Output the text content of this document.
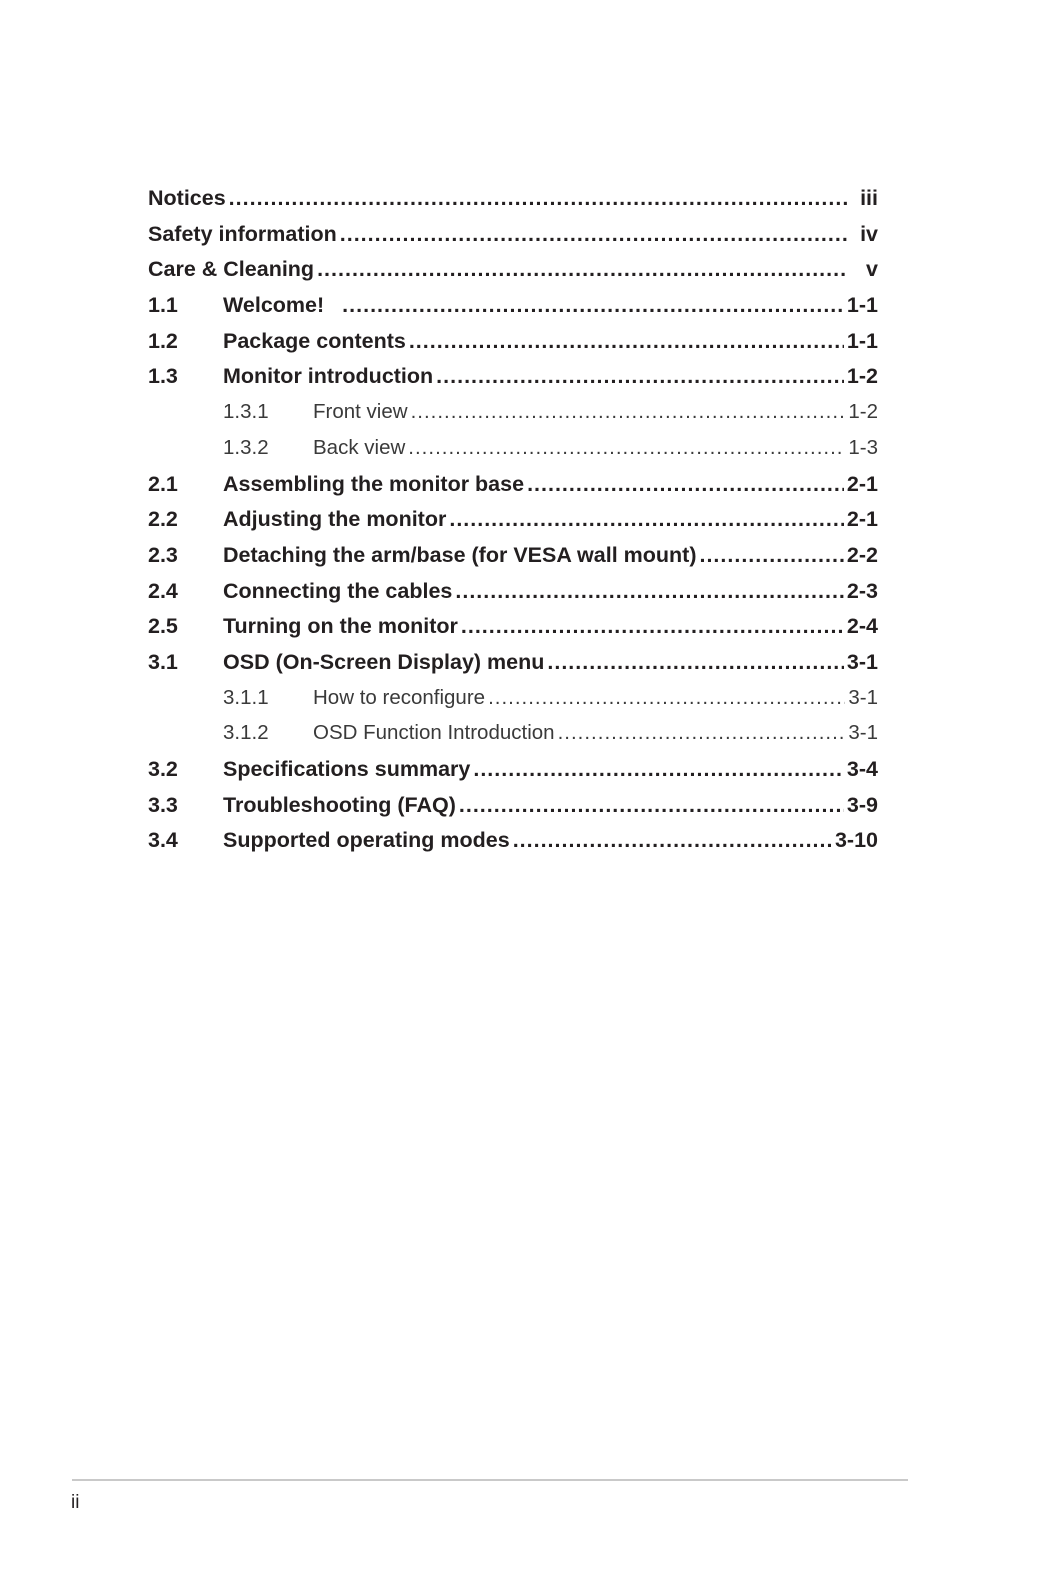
Notices .....	iii
Safety information .....	iv
Care & Cleaning .....	v
1.1	Welcome! .....	1-1
1.2	Package contents .....	1-1
1.3	Monitor introduction .....	1-2
1.3.1	Front view .....	1-2
1.3.2	Back view .....	1-3
2.1	Assembling the monitor base .....	2-1
2.2	Adjusting the monitor .....	2-1
2.3	Detaching the arm/base (for VESA wall mount) .....	2-2
2.4	Connecting the cables .....	2-3
2.5	Turning on the monitor .....	2-4
3.1	OSD (On-Screen Display) menu .....	3-1
3.1.1	How to reconfigure .....	3-1
3.1.2	OSD Function Introduction .....	3-1
3.2	Specifications summary .....	3-4
3.3	Troubleshooting (FAQ) .....	3-9
3.4	Supported operating modes .....	3-10
ii
